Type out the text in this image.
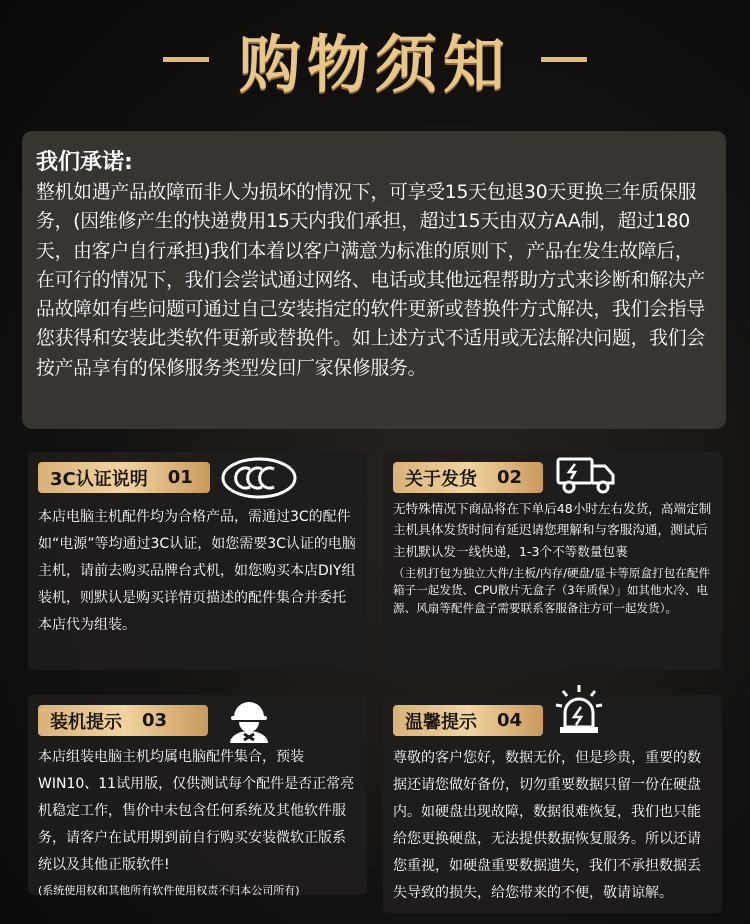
购物须知
我们承诺:

整机如遇产品故障而非人为损坏的情况下，可享受15天包退30天更换三年质保服务，(因维修产生的快递费用15天内我们承担，超过15天由双方AA制，超过180天，由客户自行承担)我们本着以客户满意为标准的原则下，产品在发生故障后，在可行的情况下，我们会尝试通过网络、电话或其他远程帮助方式来诊断和解决产品故障如有些问题可通过自己安装指定的软件更新或替换件方式解决，我们会指导您获得和安装此类软件更新或替换件。如上述方式不适用或无法解决问题，我们会按产品享有的保修服务类型发回厂家保修服务。

3C认证说明 01
本店电脑主机配件均为合格产品，需通过3C的配件如“电源”等均通过3C认证，如您需要3C认证的电脑主机，请前去购买品牌台式机，如您购买本店DIY组装机，则默认是购买详情页描述的配件集合并委托本店代为组装。
关于发货 02
无特殊情况下商品将在下单后48小时左右发货，高端定制主机具体发货时间有延迟请您理解和与客服沟通，测试后主机默认发一线快递，1-3个不等数量包裹
（主机打包为独立大件/主板/内存/硬盘/显卡等原盒打包在配件箱子一起发货、CPU散片无盒子（3年质保）」如其他水冷、电源、风扇等配件盒子需要联系客服备注方可一起发货）。
装机提示 03
本店组装电脑主机均属电脑配件集合，预装WIN10、11试用版，仅供测试每个配件是否正常亮机稳定工作，售价中未包含任何系统及其他软件服务，请客户在试用期到前自行购买安装微软正版系统以及其他正版软件!
(系统使用权和其他所有软件使用权责不归本公司所有)
温馨提示 04
尊敬的客户您好，数据无价，但是珍贵，重要的数据还请您做好备份，切勿重要数据只留一份在硬盘内。如硬盘出现故障，数据很难恢复，我们也只能给您更换硬盘，无法提供数据恢复服务。所以还请您重视，如硬盘重要数据遗失，我们不承担数据丢失导致的损失，给您带来的不便，敬请谅解。
